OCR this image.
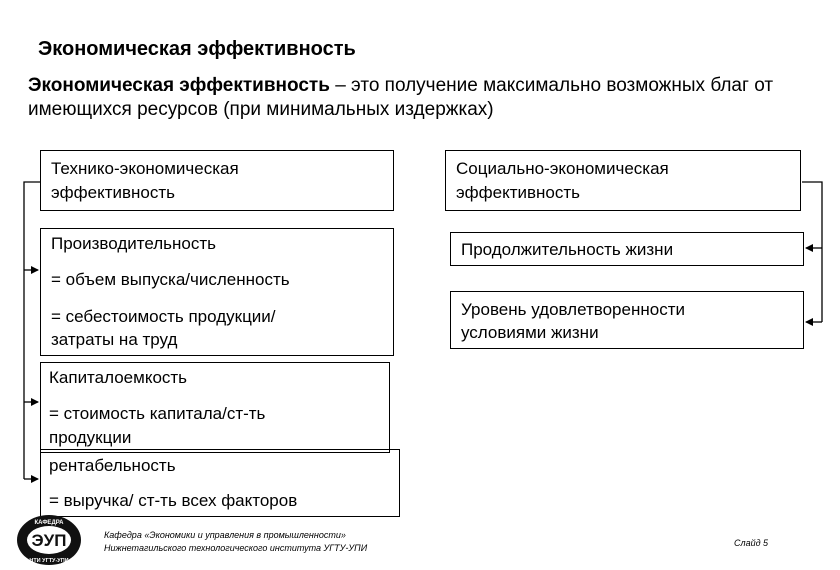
Экономическая эффективность
Экономическая эффективность – это получение максимально возможных благ от имеющихся ресурсов (при минимальных издержках)
Технико-экономическая
эффективность
Производительность
= объем выпуска/численность
= себестоимость продукции/
затраты на труд
Капиталоемкость
= стоимость капитала/ст-ть
продукции
рентабельность
= выручка/ ст-ть всех факторов
Социально-экономическая
эффективность
Продолжительность жизни
Уровень удовлетворенности
условиями жизни
КАФЕДРА
ЭУП
НТИ УГТУ-УПИ
Кафедра «Экономики и управления в промышленности»
Нижнетагильского технологического института УГТУ-УПИ	Слайд 5
